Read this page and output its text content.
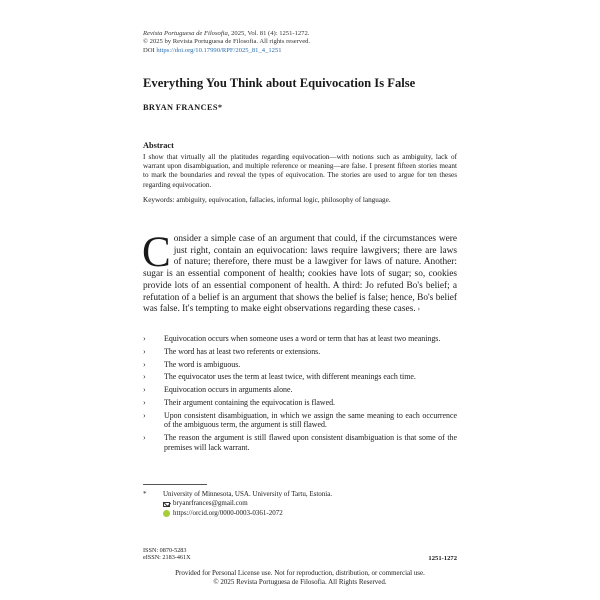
Revista Portuguesa de Filosofia, 2025, Vol. 81 (4): 1251-1272.
© 2025 by Revista Portuguesa de Filosofia. All rights reserved.
DOI https://doi.org/10.17990/RPF/2025_81_4_1251
Everything You Think about Equivocation Is False
BRYAN FRANCES*
Abstract

I show that virtually all the platitudes regarding equivocation—with notions such as ambiguity, lack of warrant upon disambiguation, and multiple reference or meaning—are false. I present fifteen stories meant to mark the boundaries and reveal the types of equivocation. The stories are used to argue for ten theses regarding equivocation.

Keywords: ambiguity, equivocation, fallacies, informal logic, philosophy of language.

Consider a simple case of an argument that could, if the circumstances were just right, contain an equivocation: laws require lawgivers; there are laws of nature; therefore, there must be a lawgiver for laws of nature. Another: sugar is an essential component of health; cookies have lots of sugar; so, cookies provide lots of an essential component of health. A third: Jo refuted Bo's belief; a refutation of a belief is an argument that shows the belief is false; hence, Bo's belief was false. It's tempting to make eight observations regarding these cases. ›

› Equivocation occurs when someone uses a word or term that has at least two meanings.
› The word has at least two referents or extensions.
› The word is ambiguous.
› The equivocator uses the term at least twice, with different meanings each time.
› Equivocation occurs in arguments alone.
› Their argument containing the equivocation is flawed.
› Upon consistent disambiguation, in which we assign the same meaning to each occurrence of the ambiguous term, the argument is still flawed.
› The reason the argument is still flawed upon consistent disambiguation is that some of the premises will lack warrant.
* University of Minnesota, USA. University of Tartu, Estonia.
bryanrfrances@gmail.com
https://orcid.org/0000-0003-0361-2072
ISSN: 0870-5283
eISSN: 2183-461X	1251-1272
Provided for Personal License use. Not for reproduction, distribution, or commercial use.
© 2025 Revista Portuguesa de Filosofia. All Rights Reserved.
